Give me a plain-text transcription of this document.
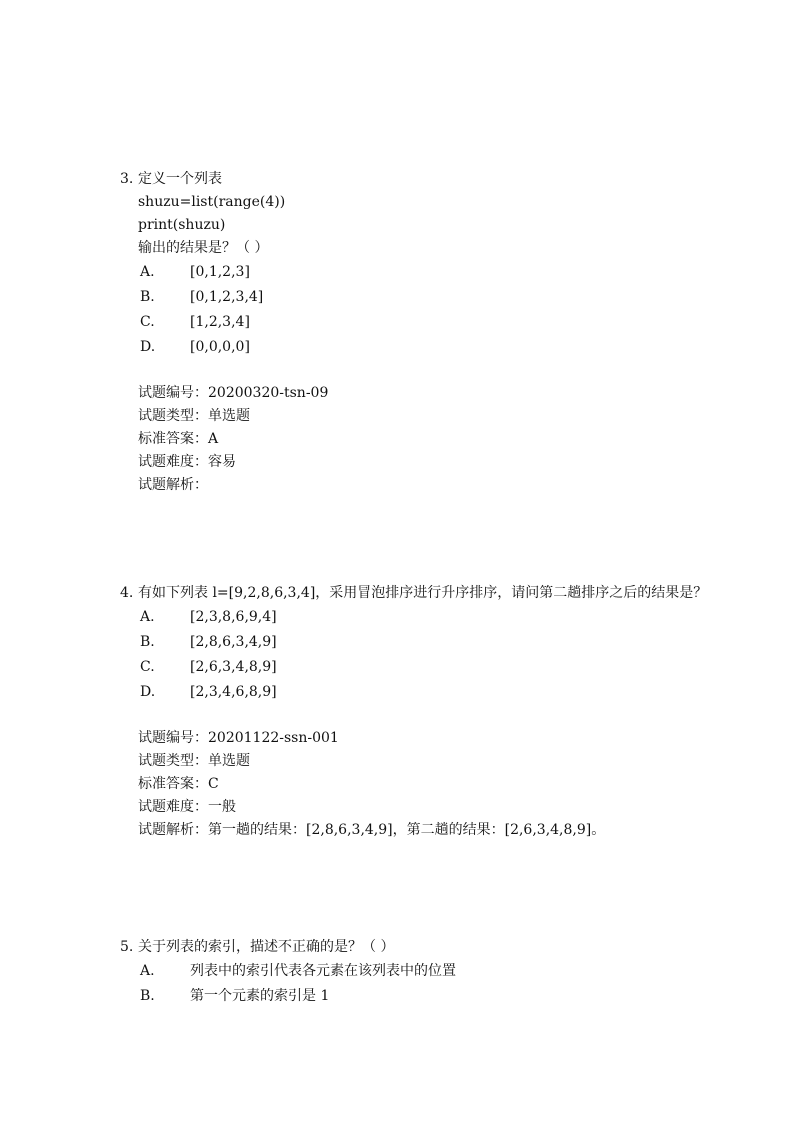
3. 定义一个列表
shuzu=list(range(4))
print(shuzu)
输出的结果是？（ ）
A.	[0,1,2,3]
B.	[0,1,2,3,4]
C.	[1,2,3,4]
D. [0,0,0,0]
试题编号：20200320-tsn-09
试题类型：单选题
标准答案：A
试题难度：容易
试题解析：
4. 有如下列表 l=[9,2,8,6,3,4]，采用冒泡排序进行升序排序，请问第二趟排序之后的结果是？
A.	[2,3,8,6,9,4]
B.	[2,8,6,3,4,9]
C.	[2,6,3,4,8,9]
D. [2,3,4,6,8,9]
试题编号：20201122-ssn-001
试题类型：单选题
标准答案：C
试题难度：一般
试题解析：第一趟的结果：[2,8,6,3,4,9]，第二趟的结果：[2,6,3,4,8,9]。
5. 关于列表的索引，描述不正确的是？（ ）
A.	列表中的索引代表各元素在该列表中的位置
B.	第一个元素的索引是 1
